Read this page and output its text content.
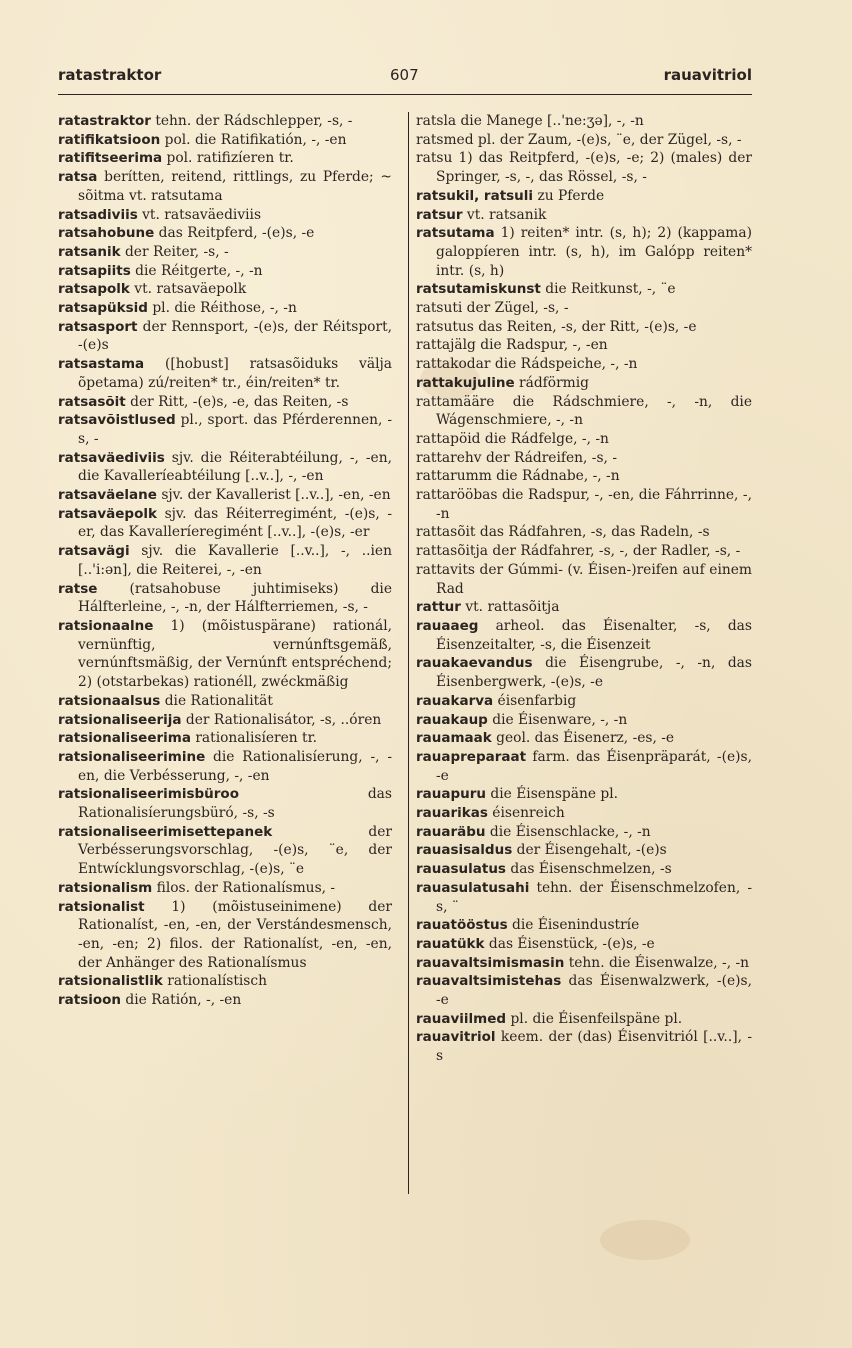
ratastraktor	607	rauavitriol

ratastraktor tehn. der Rádschlepper, -s, -

ratifikatsioon pol. die Ratifikatión, -, -en

ratifitseerima pol. ratifizíeren tr.

ratsa berítten, reitend, rittlings, zu Pferde; ~ sõitma vt. ratsutama

ratsadiviis vt. ratsaväediviis

ratsahobune das Reitpferd, -(e)s, -e

ratsanik der Reiter, -s, -

ratsapiits die Réitgerte, -, -n

ratsapolk vt. ratsaväepolk

ratsapüksid pl. die Réithose, -, -n

ratsasport der Rennsport, -(e)s, der Réitsport, -(e)s

ratsastama ([hobust] ratsasõiduks välja õpetama) zú/reiten* tr., éin/reiten* tr.

ratsasõit der Ritt, -(e)s, -e, das Reiten, -s

ratsavõistlused pl., sport. das Pférderennen, -s, -

ratsaväediviis sjv. die Réiterabtéilung, -, -en, die Kavalleríeabtéilung [..v..], -, -en

ratsaväelane sjv. der Kavallerist [..v..], -en, -en

ratsaväepolk sjv. das Réiterregimént, -(e)s, -er, das Kavalleríeregimént [..v..], -(e)s, -er

ratsavägi sjv. die Kavallerie [..v..], -, ..ien [..'i:ən], die Reiterei, -, -en

ratse (ratsahobuse juhtimiseks) die Hálfterleine, -, -n, der Hálfterriemen, -s, -

ratsionaalne 1) (mõistuspärane) rationál, vernünftig, vernúnftsgemäß, vernúnftsmäßig, der Vernúnft entspréchend; 2) (otstarbekas) rationéll, zwéckmäßig

ratsionaalsus die Rationalität

ratsionaliseerija der Rationalisátor, -s, ..óren

ratsionaliseerima rationalisíeren tr.

ratsionaliseerimine die Rationalisíerung, -, -en, die Verbésserung, -, -en

ratsionaliseerimisbüroo das Rationalisíerungsbüró, -s, -s

ratsionaliseerimisettepanek der Verbésserungsvorschlag, -(e)s, ¨e, der Entwícklungsvorschlag, -(e)s, ¨e

ratsionalism filos. der Rationalísmus, -

ratsionalist 1) (mõistuseinimene) der Rationalíst, -en, -en, der Verstándesmensch, -en, -en; 2) filos. der Rationalíst, -en, -en, der Anhänger des Rationalísmus

ratsionalistlik rationalístisch

ratsioon die Ratión, -, -en

ratsla die Manege [..'ne:ʒə], -, -n

ratsmed pl. der Zaum, -(e)s, ¨e, der Zügel, -s, -

ratsu 1) das Reitpferd, -(e)s, -e; 2) (males) der Springer, -s, -, das Rössel, -s, -

ratsukil, ratsuli zu Pferde

ratsur vt. ratsanik

ratsutama 1) reiten* intr. (s, h); 2) (kappama) galoppíeren intr. (s, h), im Galópp reiten* intr. (s, h)

ratsutamiskunst die Reitkunst, -, ¨e

ratsuti der Zügel, -s, -

ratsutus das Reiten, -s, der Ritt, -(e)s, -e

rattajälg die Radspur, -, -en

rattakodar die Rádspeiche, -, -n

rattakujuline rádförmig

rattamääre die Rádschmiere, -, -n, die Wágenschmiere, -, -n

rattapöid die Rádfelge, -, -n

rattarehv der Rádreifen, -s, -

rattarumm die Rádnabe, -, -n

rattarööbas die Radspur, -, -en, die Fáhrrinne, -, -n

rattasõit das Rádfahren, -s, das Radeln, -s

rattasõitja der Rádfahrer, -s, -, der Radler, -s, -

rattavits der Gúmmi- (v. Éisen-)reifen auf einem Rad

rattur vt. rattasõitja

rauaaeg arheol. das Éisenalter, -s, das Éisenzeitalter, -s, die Éisenzeit

rauakaevandus die Éisengrube, -, -n, das Éisenbergwerk, -(e)s, -e

rauakarva éisenfarbig

rauakaup die Éisenware, -, -n

rauamaak geol. das Éisenerz, -es, -e

rauapreparaat farm. das Éisenpräparát, -(e)s, -e

rauapuru die Éisenspäne pl.

rauarikas éisenreich

rauaräbu die Éisenschlacke, -, -n

rauasisaldus der Éisengehalt, -(e)s

rauasulatus das Éisenschmelzen, -s

rauasulatusahi tehn. der Éisenschmelzofen, -s, ¨

rauatööstus die Éisenindustríe

rauatükk das Éisenstück, -(e)s, -e

rauavaltsimismasin tehn. die Éisenwalze, -, -n

rauavaltsimistehas das Éisenwalzwerk, -(e)s, -e

rauaviilmed pl. die Éisenfeilspäne pl.

rauavitriol keem. der (das) Éisenvitriól [..v..], -s
